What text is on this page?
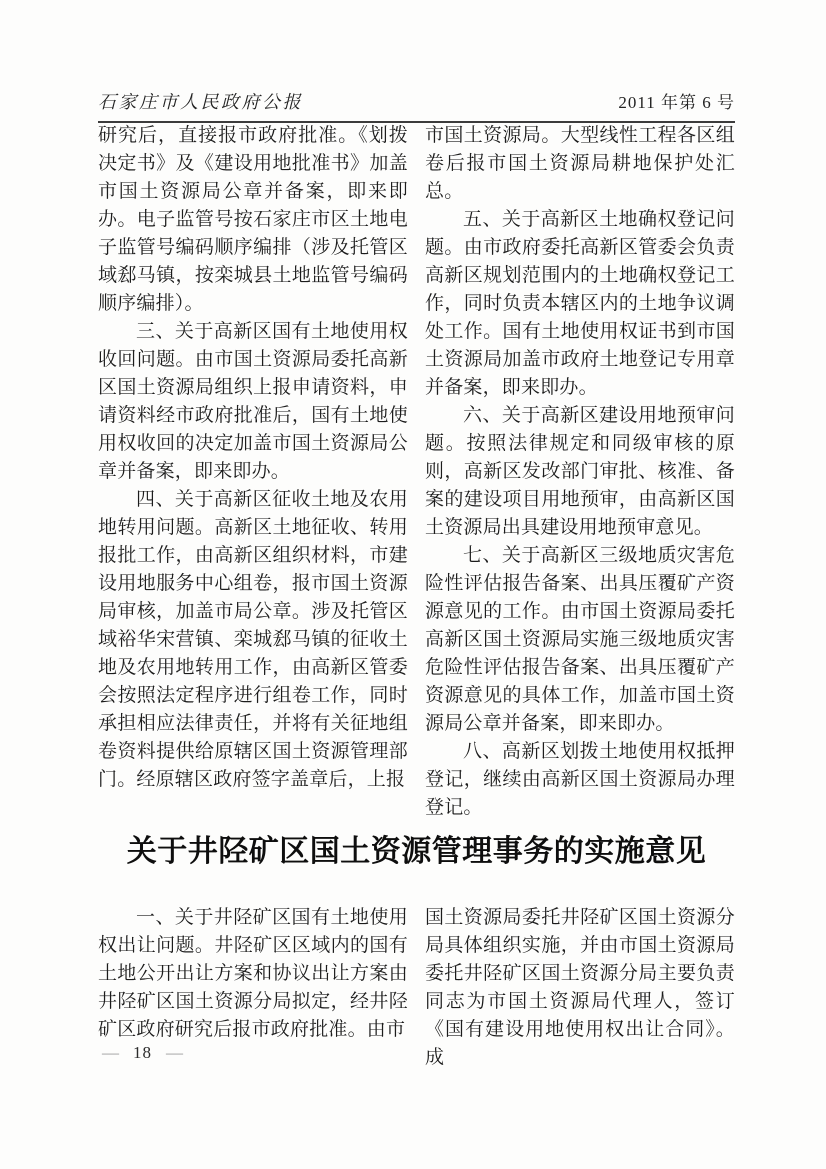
石家庄市人民政府公报	2011 年第 6 号

研究后，直接报市政府批准。《划拨决定书》及《建设用地批准书》加盖市国土资源局公章并备案，即来即办。电子监管号按石家庄市区土地电子监管号编码顺序编排（涉及托管区域郄马镇，按栾城县土地监管号编码顺序编排）。

三、关于高新区国有土地使用权收回问题。由市国土资源局委托高新区国土资源局组织上报申请资料，申请资料经市政府批准后，国有土地使用权收回的决定加盖市国土资源局公章并备案，即来即办。

四、关于高新区征收土地及农用地转用问题。高新区土地征收、转用报批工作，由高新区组织材料，市建设用地服务中心组卷，报市国土资源局审核，加盖市局公章。涉及托管区域裕华宋营镇、栾城郄马镇的征收土地及农用地转用工作，由高新区管委会按照法定程序进行组卷工作，同时承担相应法律责任，并将有关征地组卷资料提供给原辖区国土资源管理部门。经原辖区政府签字盖章后，上报

市国土资源局。大型线性工程各区组卷后报市国土资源局耕地保护处汇总。

五、关于高新区土地确权登记问题。由市政府委托高新区管委会负责高新区规划范围内的土地确权登记工作，同时负责本辖区内的土地争议调处工作。国有土地使用权证书到市国土资源局加盖市政府土地登记专用章并备案，即来即办。

六、关于高新区建设用地预审问题。按照法律规定和同级审核的原则，高新区发改部门审批、核准、备案的建设项目用地预审，由高新区国土资源局出具建设用地预审意见。

七、关于高新区三级地质灾害危险性评估报告备案、出具压覆矿产资源意见的工作。由市国土资源局委托高新区国土资源局实施三级地质灾害危险性评估报告备案、出具压覆矿产资源意见的具体工作，加盖市国土资源局公章并备案，即来即办。

八、高新区划拨土地使用权抵押登记，继续由高新区国土资源局办理登记。

关于井陉矿区国土资源管理事务的实施意见

一、关于井陉矿区国有土地使用权出让问题。井陉矿区区域内的国有土地公开出让方案和协议出让方案由井陉矿区国土资源分局拟定，经井陉矿区政府研究后报市政府批准。由市

国土资源局委托井陉矿区国土资源分局具体组织实施，并由市国土资源局委托井陉矿区国土资源分局主要负责同志为市国土资源局代理人，签订《国有建设用地使用权出让合同》。成

— 18 —
